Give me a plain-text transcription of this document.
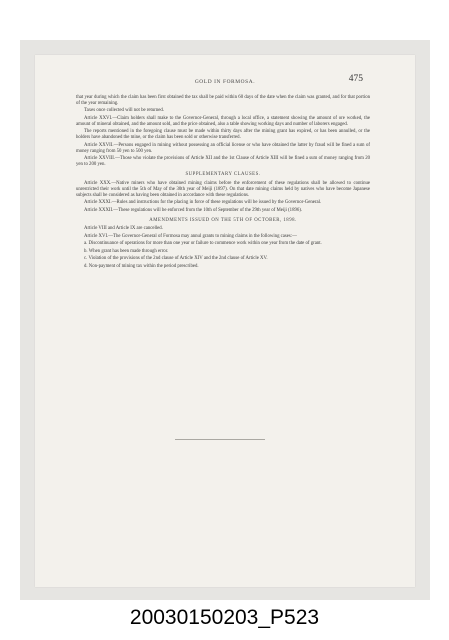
GOLD IN FORMOSA.	475

that year during which the claim has been first obtained the tax shall be paid within 60 days of the date when the claim was granted, and for that portion of the year remaining.

Taxes once collected will not be returned.

Article XXVI.—Claim holders shall make to the Governor-General, through a local office, a statement showing the amount of ore worked, the amount of mineral obtained, and the amount sold, and the price obtained, also a table showing working days and number of laborers engaged.

The reports mentioned in the foregoing clause must be made within thirty days after the mining grant has expired, or has been annulled, or the holders have abandoned the mine, or the claim has been sold or otherwise transferred.

Article XXVII.—Persons engaged in mining without possessing an official license or who have obtained the latter by fraud will be fined a sum of money ranging from 50 yen to 500 yen.

Article XXVIII.—Those who violate the provisions of Article XII and the 1st Clause of Article XIII will be fined a sum of money ranging from 20 yen to 200 yen.

SUPPLEMENTARY CLAUSES.

Article XXX.—Native miners who have obtained mining claims before the enforcement of these regulations shall be allowed to continue unrestricted their work until the 5th of May of the 30th year of Meiji (1897). On that date mining claims held by natives who have become Japanese subjects shall be considered as having been obtained in accordance with these regulations.

Article XXXI.—Rules and instructions for the placing in force of these regulations will be issued by the Governor-General.

Article XXXII.—These regulations will be enforced from the 10th of September of the 29th year of Meiji (1896).

AMENDMENTS ISSUED ON THE 5TH OF OCTOBER, 1898.

Article VIII and Article IX are cancelled.

Article XVI.—The Governor-General of Formosa may annul grants to mining claims in the following cases:—

a. Discontinuance of operations for more than one year or failure to commence work within one year from the date of grant.

b. When grant has been made through error.

c. Violation of the provisions of the 2nd clause of Article XIV and the 2nd clause of Article XV.

d. Non-payment of mining tax within the period prescribed.

20030150203_P523
